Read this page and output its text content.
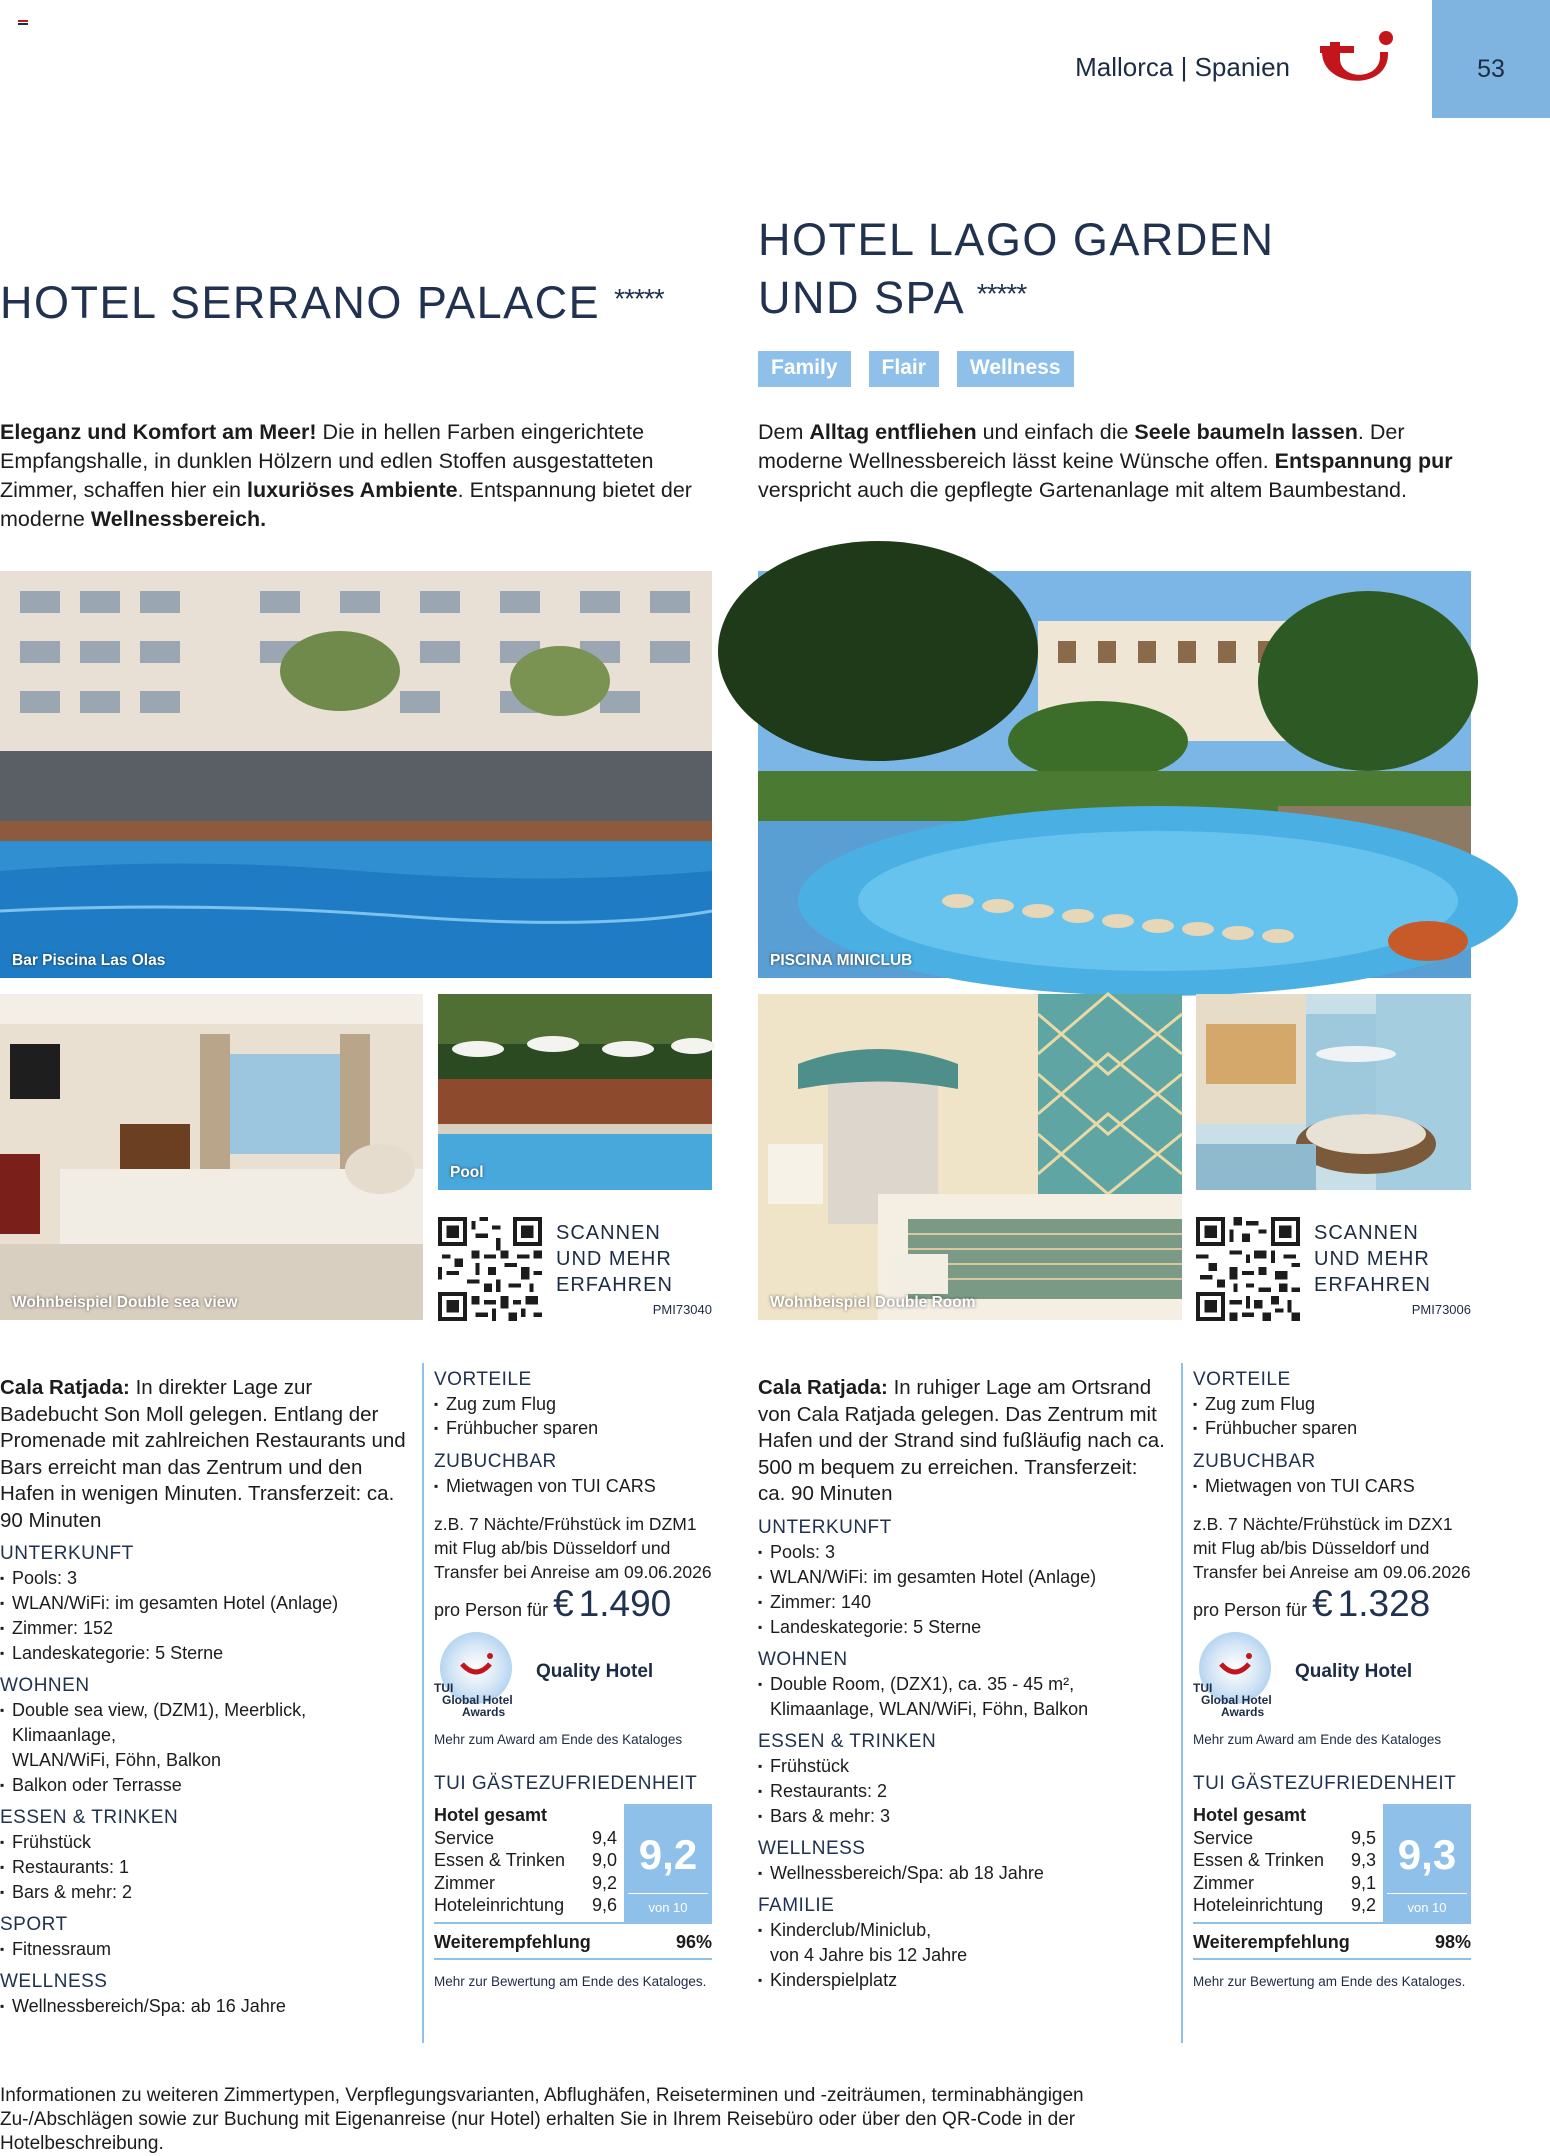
Mallorca | Spanien	53
HOTEL SERRANO PALACE *****

Eleganz und Komfort am Meer! Die in hellen Farben eingerichtete Empfangshalle, in dunklen Hölzern und edlen Stoffen ausgestatteten Zimmer, schaffen hier ein luxuriöses Ambiente. Entspannung bietet der moderne Wellnessbereich.

HOTEL LAGO GARDEN
UND SPA *****
Family	Flair	Wellness

Dem Alltag entfliehen und einfach die Seele baumeln lassen. Der moderne Wellnessbereich lässt keine Wünsche offen. Entspannung pur verspricht auch die gepflegte Gartenanlage mit altem Baumbestand.

Bar Piscina Las Olas
Wohnbeispiel Double sea view
Pool
SCANNEN
UND MEHR
ERFAHREN
PMI73040
PISCINA MINICLUB
Wohnbeispiel Double Room
SCANNEN
UND MEHR
ERFAHREN
PMI73006

Cala Ratjada: In direkter Lage zur Badebucht Son Moll gelegen. Entlang der Promenade mit zahlreichen Restaurants und Bars erreicht man das Zentrum und den Hafen in wenigen Minuten. Transferzeit: ca. 90 Minuten

UNTERKUNFT
▪ Pools: 3
▪ WLAN/WiFi: im gesamten Hotel (Anlage)
▪ Zimmer: 152
▪ Landeskategorie: 5 Sterne
WOHNEN
▪ Double sea view, (DZM1), Meerblick, Klimaanlage,
WLAN/WiFi, Föhn, Balkon
▪ Balkon oder Terrasse
ESSEN & TRINKEN
▪ Frühstück
▪ Restaurants: 1
▪ Bars & mehr: 2
SPORT
▪ Fitnessraum
WELLNESS
▪ Wellnessbereich/Spa: ab 16 Jahre
VORTEILE
▪ Zug zum Flug
▪ Frühbucher sparen
ZUBUCHBAR
▪ Mietwagen von TUI CARS

z.B. 7 Nächte/Frühstück im DZM1 mit Flug ab/bis Düsseldorf und Transfer bei Anreise am 09.06.2026

pro Person für € 1.490

TUI
Global Hotel
Awards
Quality Hotel

Mehr zum Award am Ende des Kataloges

TUI GÄSTEZUFRIEDENHEIT

Hotel gesamt	
Service	9,4
Essen & Trinken	9,0
Zimmer	9,2
Hoteleinrichtung	9,6
9,2
von 10
Weiterempfehlung	96%

Mehr zur Bewertung am Ende des Kataloges.

Cala Ratjada: In ruhiger Lage am Ortsrand von Cala Ratjada gelegen. Das Zentrum mit Hafen und der Strand sind fußläufig nach ca. 500 m bequem zu erreichen. Transferzeit: ca. 90 Minuten

UNTERKUNFT
▪ Pools: 3
▪ WLAN/WiFi: im gesamten Hotel (Anlage)
▪ Zimmer: 140
▪ Landeskategorie: 5 Sterne
WOHNEN
▪ Double Room, (DZX1), ca. 35 - 45 m²,
Klimaanlage, WLAN/WiFi, Föhn, Balkon
ESSEN & TRINKEN
▪ Frühstück
▪ Restaurants: 2
▪ Bars & mehr: 3
WELLNESS
▪ Wellnessbereich/Spa: ab 18 Jahre
FAMILIE
▪ Kinderclub/Miniclub,
von 4 Jahre bis 12 Jahre
▪ Kinderspielplatz
VORTEILE
▪ Zug zum Flug
▪ Frühbucher sparen
ZUBUCHBAR
▪ Mietwagen von TUI CARS

z.B. 7 Nächte/Frühstück im DZX1 mit Flug ab/bis Düsseldorf und Transfer bei Anreise am 09.06.2026

pro Person für € 1.328

TUI
Global Hotel
Awards
Quality Hotel

Mehr zum Award am Ende des Kataloges

TUI GÄSTEZUFRIEDENHEIT

Hotel gesamt	
Service	9,5
Essen & Trinken	9,3
Zimmer	9,1
Hoteleinrichtung	9,2
9,3
von 10
Weiterempfehlung	98%

Mehr zur Bewertung am Ende des Kataloges.

Informationen zu weiteren Zimmertypen, Verpflegungsvarianten, Abflughäfen, Reiseterminen und -zeiträumen, terminabhängigen Zu-/Abschlägen sowie zur Buchung mit Eigenanreise (nur Hotel) erhalten Sie in Ihrem Reisebüro oder über den QR-Code in der Hotelbeschreibung.
